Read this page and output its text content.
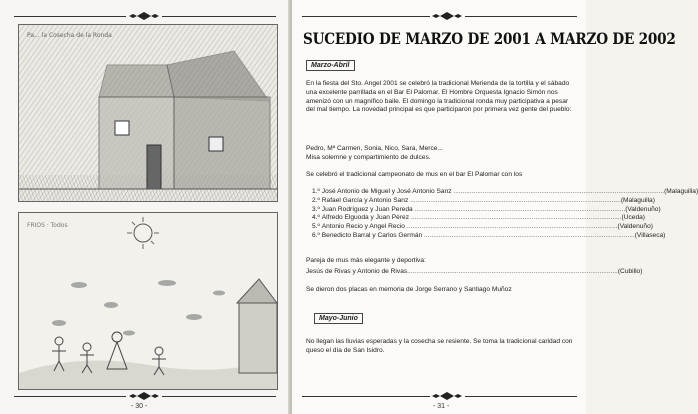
Pa... la Cosecha de la Ronda
FRIOS · Todos
- 30 -
SUCEDIO DE MARZO DE 2001 A MARZO DE 2002
Marzo-Abril
En la fiesta del Sto. Angel 2001 se celebró la tradicional Merienda de la tortilla y el sábado una excelente parrillada en el Bar El Palomar. El Hombre Orquesta Ignacio Simón nos amenizó con un magnífico baile. El domingo la tradicional ronda muy participativa a pesar del mal tiempo. La novedad principal es que participaron por primera vez gente del pueblo:
Pedro, Mª Carmen, Sonia, Nico, Sara, Merce...
Misa solemne y compartimiento de dulces.
Se celebró el tradicional campeonato de mus en el bar El Palomar con los
1.º José Antonio de Miguel y José Antonio Sanz .....	(Malaguilla)
2.º Rafael García y Antonio Sanz .....	(Malaguilla)
3.º Juan Rodríguez y Juan Pereda .....	(Valdenuño)
4.º Alfredo Elguoda y Juan Pérez .....	(Uceda)
5.º Antonio Recio y Angel Recio .....	(Valdenuño)
6.º Benedicto Barral y Carlos Germán .....	(Villaseca)
Pareja de mus más elegante y deportiva:
Jesús de Rivas y Antonio de Rivas .....	(Cubillo)
Se dieron dos placas en memoria de Jorge Serrano y Santiago Muñoz
Mayo-Junio
No llegan las lluvias esperadas y la cosecha se resiente. Se toma la tradicional caridad con queso el día de San Isidro.
- 31 -
